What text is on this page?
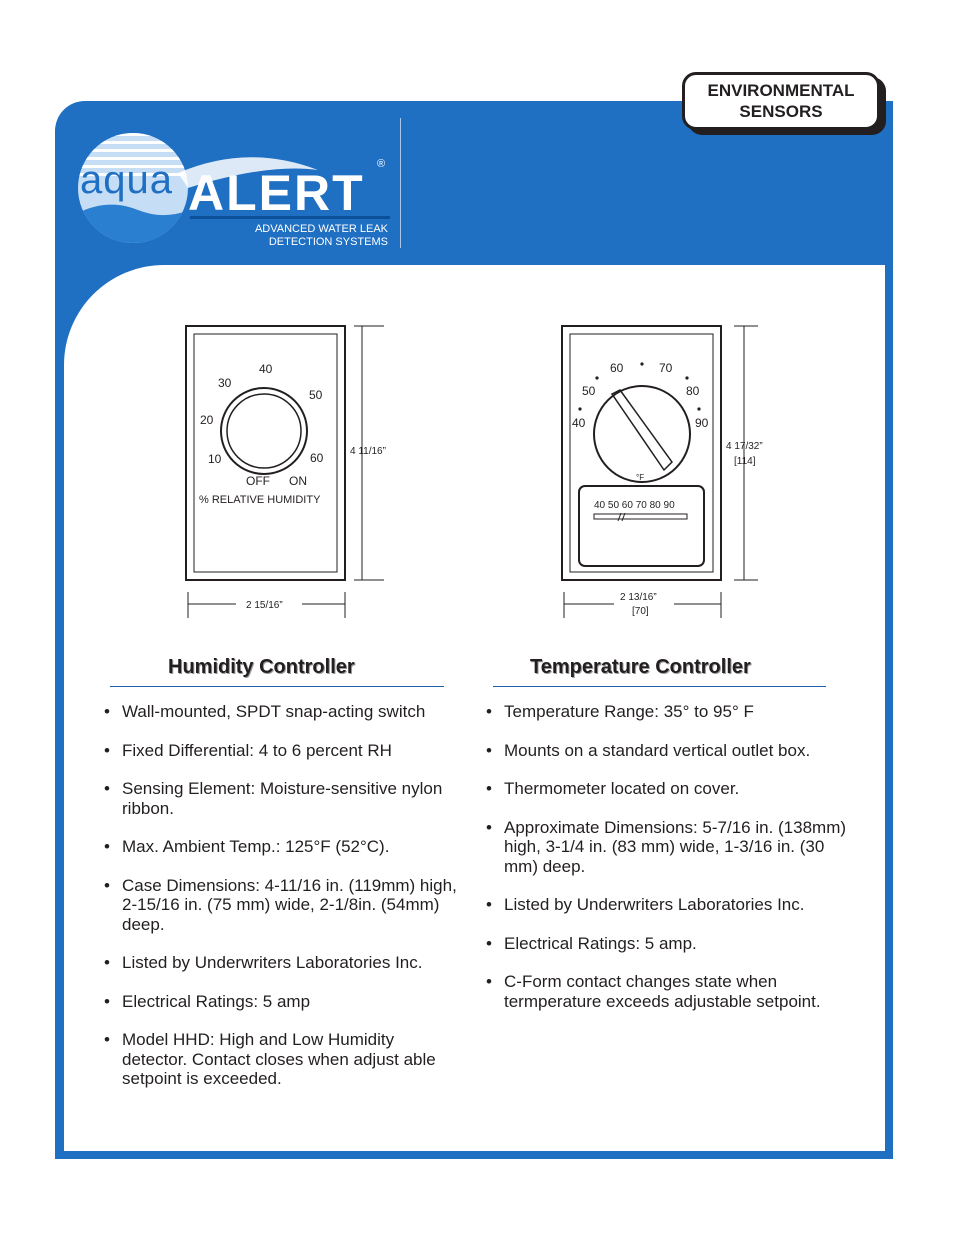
ENVIRONMENTAL
SENSORS
aqua ALERT
®
ADVANCED WATER LEAK
DETECTION SYSTEMS
10
20
30
40
50
60
OFF ON
% RELATIVE HUMIDITY
4 11/16”
2 15/16”
40
50
60	70
80
90
°F
40 50 60 70 80 90
4 17/32”
[114]
2 13/16”
[70]
Humidity Controller	Temperature Controller
• Wall-mounted, SPDT snap-acting switch
• Fixed Differential: 4 to 6 percent RH
• Sensing Element: Moisture-sensitive nylon ribbon.
• Max. Ambient Temp.: 125°F (52°C).
• Case Dimensions: 4-11/16 in. (119mm) high, 2-15/16 in. (75 mm) wide, 2-1/8in. (54mm) deep.
• Listed by Underwriters Laboratories Inc.
• Electrical Ratings: 5 amp
• Model HHD: High and Low Humidity detector. Contact closes when adjust able setpoint is exceeded.
• Temperature Range: 35° to 95° F
• Mounts on a standard vertical outlet box.
• Thermometer located on cover.
• Approximate Dimensions: 5-7/16 in. (138mm) high, 3-1/4 in. (83 mm) wide, 1-3/16 in. (30 mm) deep.
• Listed by Underwriters Laboratories Inc.
• Electrical Ratings: 5 amp.
• C-Form contact changes state when termperature exceeds adjustable setpoint.
